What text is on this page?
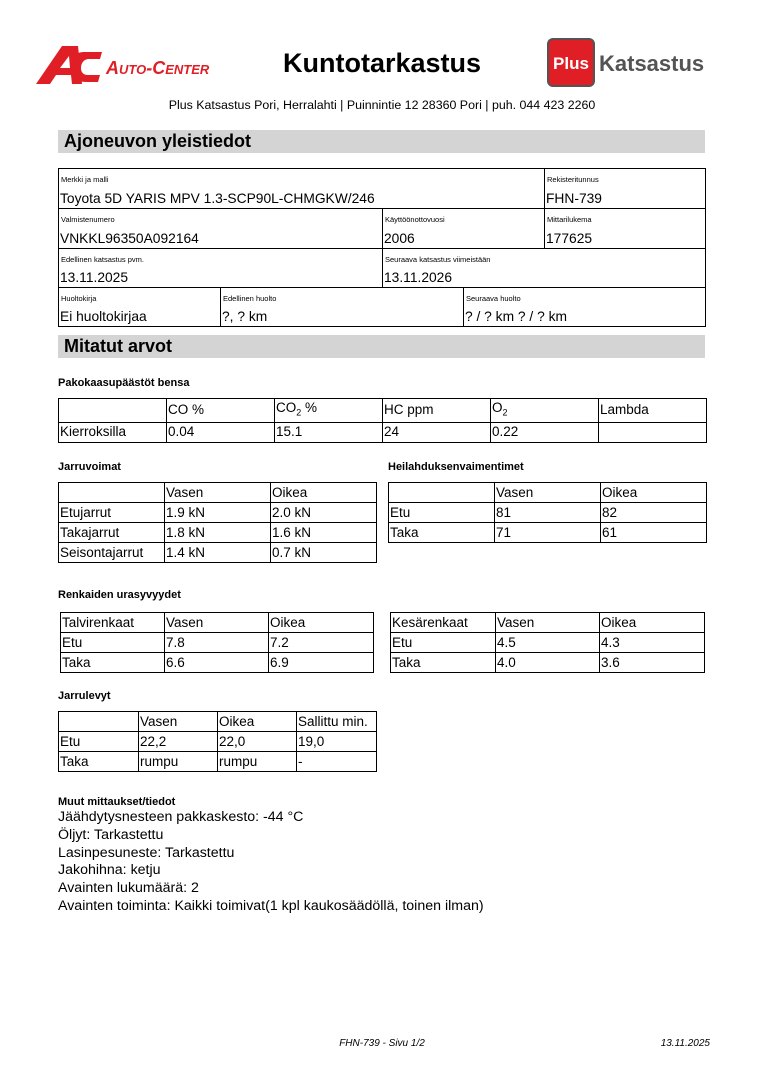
Auto-Center	Kuntotarkastus	Plus Katsastus
Plus Katsastus Pori, Herralahti | Puinnintie 12 28360 Pori | puh. 044 423 2260
Ajoneuvon yleistiedot
Merkki ja malli
Toyota 5D YARIS MPV 1.3-SCP90L-CHMGKW/246
Rekisteritunnus
FHN-739
Valmistenumero
VNKKL96350A092164
Käyttöönottovuosi
2006
Mittarilukema
177625
Edellinen katsastus pvm.
13.11.2025
Seuraava katsastus viimeistään
13.11.2026
Huoltokirja
Ei huoltokirjaa
Edellinen huolto
?, ? km
Seuraava huolto
? / ? km ? / ? km
Mitatut arvot
Pakokaasupäästöt bensa
	CO %	$CO_2$ %	HC ppm	$O_2$	Lambda
Kierroksilla	0.04	15.1	24	0.22	
Jarruvoimat
	Vasen	Oikea
Etujarrut	1.9 kN	2.0 kN
Takajarrut	1.8 kN	1.6 kN
Seisontajarrut	1.4 kN	0.7 kN
Heilahduksenvaimentimet
	Vasen	Oikea
Etu	81	82
Taka	71	61
Renkaiden urasyvyydet
Talvirenkaat	Vasen	Oikea
Etu	7.8	7.2
Taka	6.6	6.9
Kesärenkaat	Vasen	Oikea
Etu	4.5	4.3
Taka	4.0	3.6
Jarrulevyt
	Vasen	Oikea	Sallittu min.
Etu	22,2	22,0	19,0
Taka	rumpu	rumpu	-
Muut mittaukset/tiedot
Jäähdytysnesteen pakkaskesto: -44 °C
Öljyt: Tarkastettu
Lasinpesuneste: Tarkastettu
Jakohihna: ketju
Avainten lukumäärä: 2
Avainten toiminta: Kaikki toimivat(1 kpl kaukosäädöllä, toinen ilman)
FHN-739 - Sivu 1/2	13.11.2025
